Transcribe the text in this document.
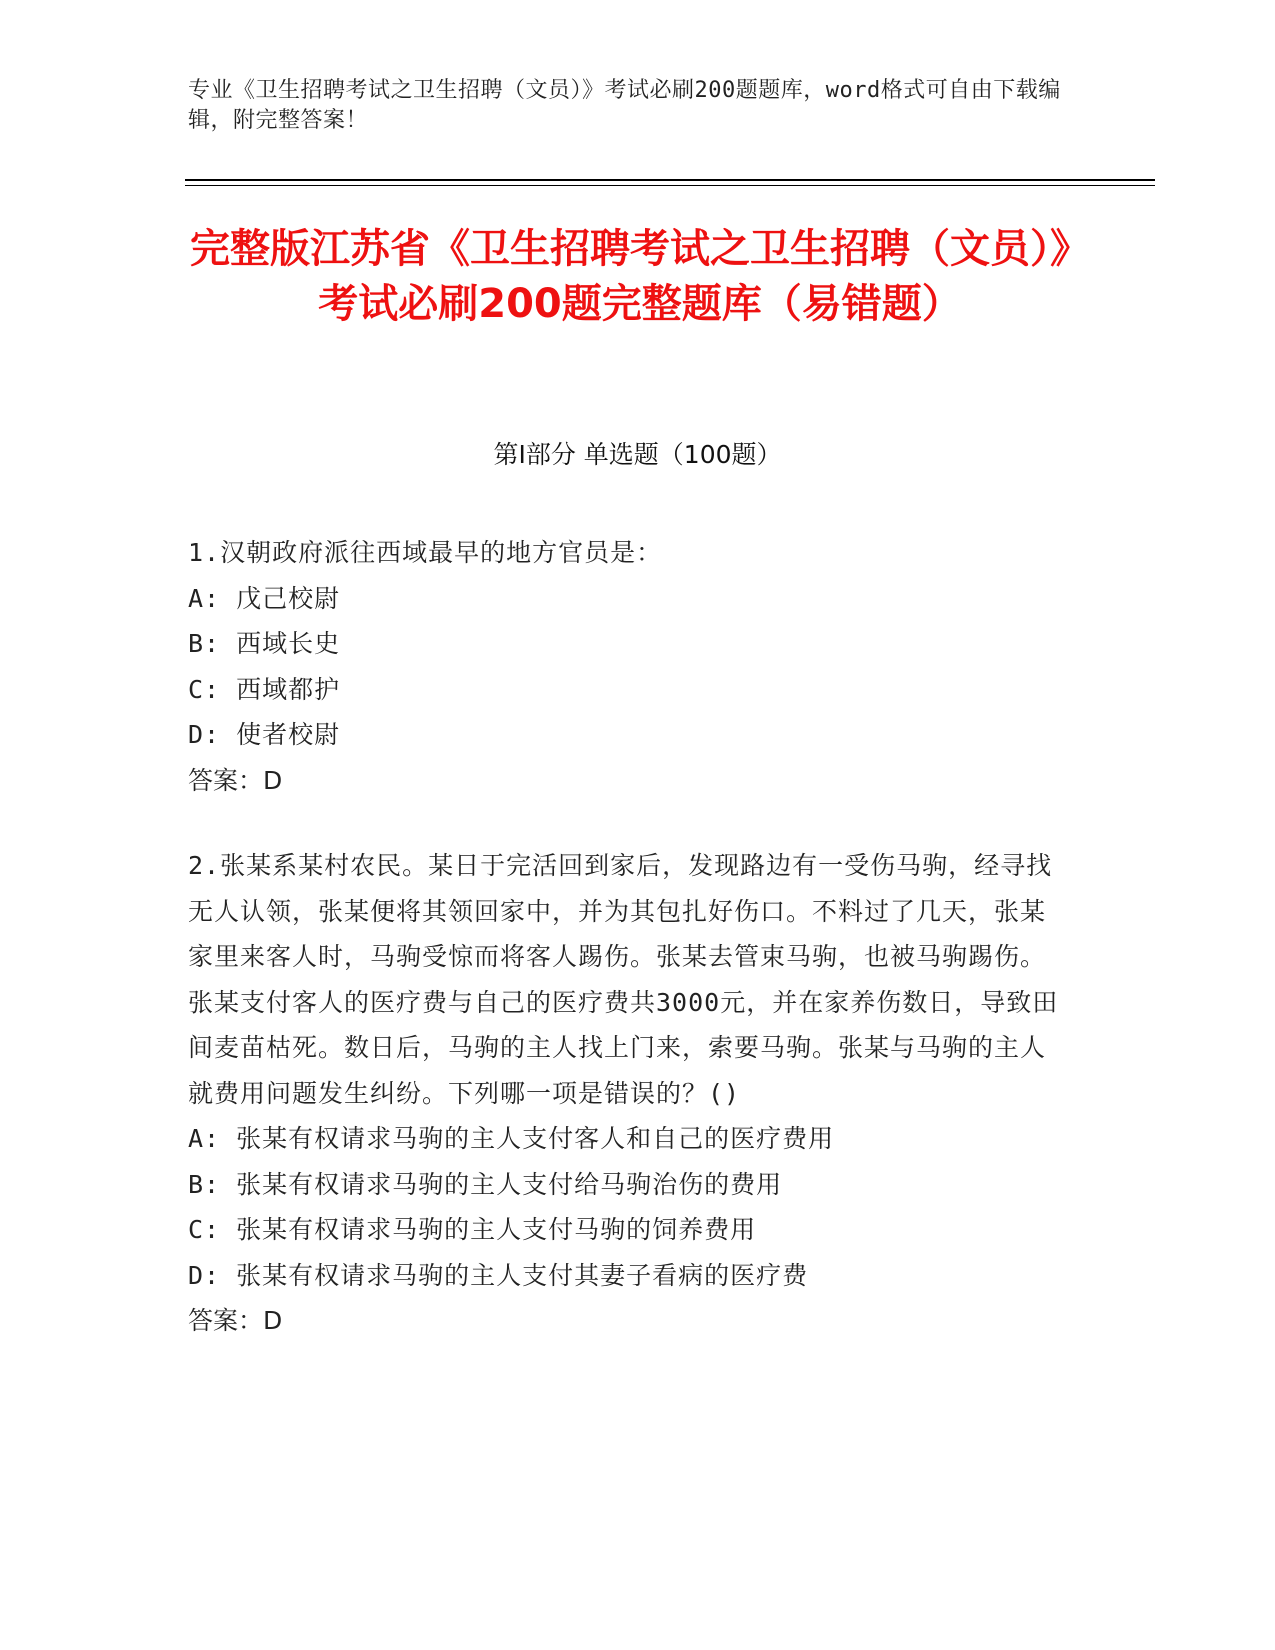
专业《卫生招聘考试之卫生招聘（文员）》考试必刷200题题库，word格式可自由下载编辑，附完整答案！
完整版江苏省《卫生招聘考试之卫生招聘（文员）》考试必刷200题完整题库（易错题）
第Ⅰ部分 单选题（100题）
1.汉朝政府派往西域最早的地方官员是：
A: 戊己校尉
B: 西域长史
C: 西域都护
D: 使者校尉
答案：D
2.张某系某村农民。某日于完活回到家后，发现路边有一受伤马驹，经寻找无人认领，张某便将其领回家中，并为其包扎好伤口。不料过了几天，张某家里来客人时，马驹受惊而将客人踢伤。张某去管束马驹，也被马驹踢伤。张某支付客人的医疗费与自己的医疗费共3000元，并在家养伤数日，导致田间麦苗枯死。数日后，马驹的主人找上门来，索要马驹。张某与马驹的主人就费用问题发生纠纷。下列哪一项是错误的？()
A: 张某有权请求马驹的主人支付客人和自己的医疗费用
B: 张某有权请求马驹的主人支付给马驹治伤的费用
C: 张某有权请求马驹的主人支付马驹的饲养费用
D: 张某有权请求马驹的主人支付其妻子看病的医疗费
答案：D
